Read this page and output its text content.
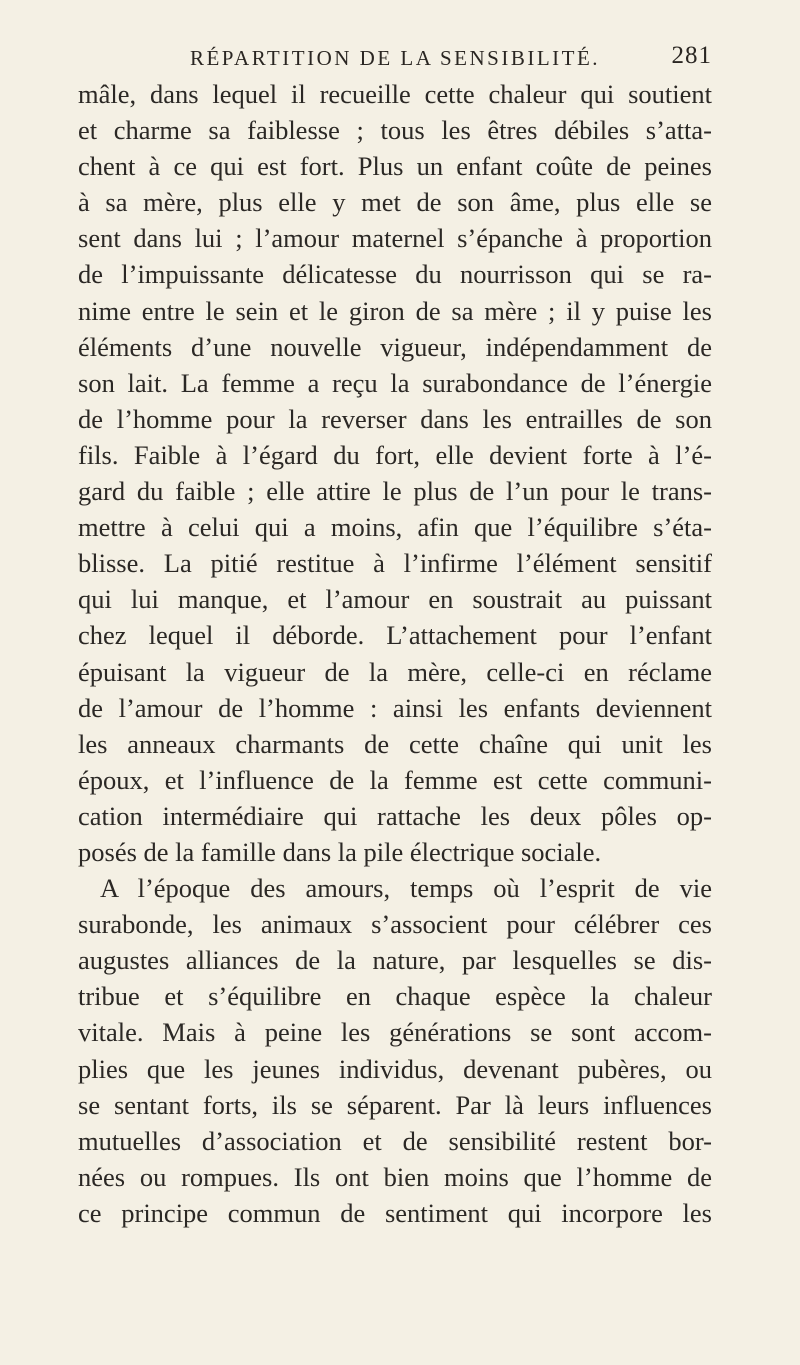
RÉPARTITION DE LA SENSIBILITÉ.	281
mâle, dans lequel il recueille cette chaleur qui soutient
et charme sa faiblesse ; tous les êtres débiles s’atta-
chent à ce qui est fort. Plus un enfant coûte de peines
à sa mère, plus elle y met de son âme, plus elle se
sent dans lui ; l’amour maternel s’épanche à proportion
de l’impuissante délicatesse du nourrisson qui se ra-
nime entre le sein et le giron de sa mère ; il y puise les
éléments d’une nouvelle vigueur, indépendamment de
son lait. La femme a reçu la surabondance de l’énergie
de l’homme pour la reverser dans les entrailles de son
fils. Faible à l’égard du fort, elle devient forte à l’é-
gard du faible ; elle attire le plus de l’un pour le trans-
mettre à celui qui a moins, afin que l’équilibre s’éta-
blisse. La pitié restitue à l’infirme l’élément sensitif
qui lui manque, et l’amour en soustrait au puissant
chez lequel il déborde. L’attachement pour l’enfant
épuisant la vigueur de la mère, celle-ci en réclame
de l’amour de l’homme : ainsi les enfants deviennent
les anneaux charmants de cette chaîne qui unit les
époux, et l’influence de la femme est cette communi-
cation intermédiaire qui rattache les deux pôles op-
posés de la famille dans la pile électrique sociale.
A l’époque des amours, temps où l’esprit de vie
surabonde, les animaux s’associent pour célébrer ces
augustes alliances de la nature, par lesquelles se dis-
tribue et s’équilibre en chaque espèce la chaleur
vitale. Mais à peine les générations se sont accom-
plies que les jeunes individus, devenant pubères, ou
se sentant forts, ils se séparent. Par là leurs influences
mutuelles d’association et de sensibilité restent bor-
nées ou rompues. Ils ont bien moins que l’homme de
ce principe commun de sentiment qui incorpore les
